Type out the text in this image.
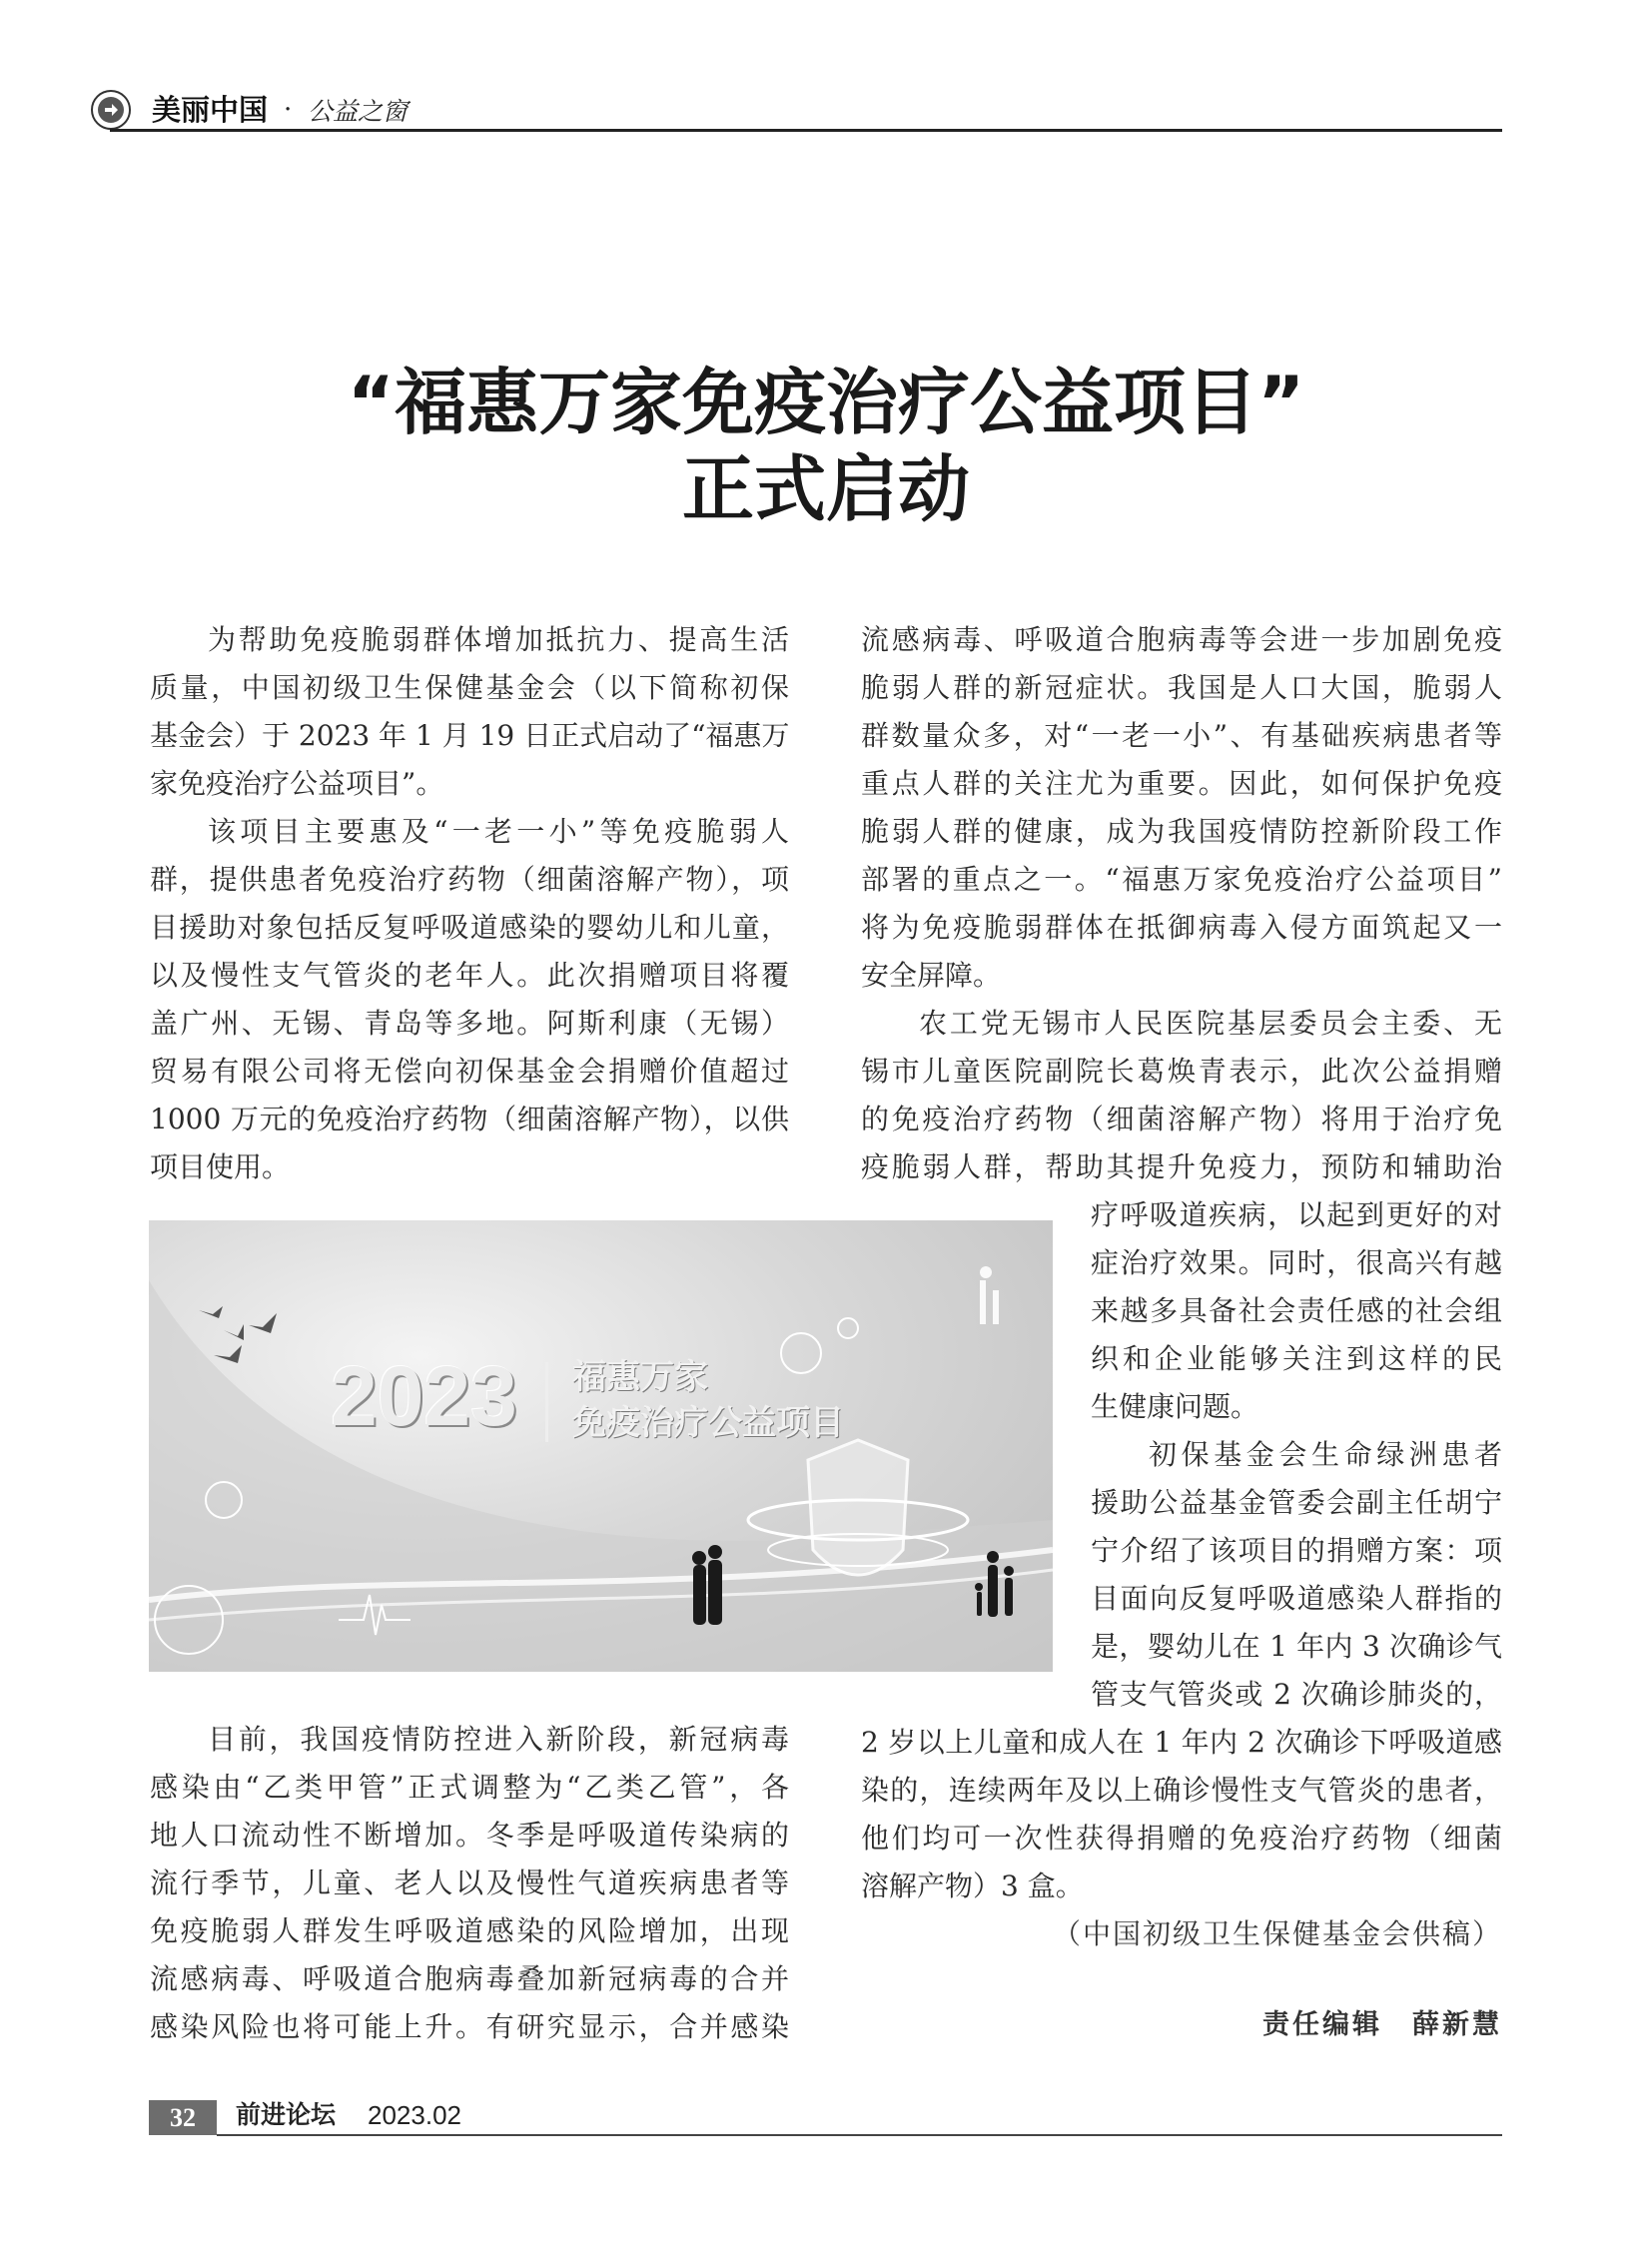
美丽中国 · 公益之窗
“福惠万家免疫治疗公益项目”
正式启动
为帮助免疫脆弱群体增加抵抗力、提高生活
质量，中国初级卫生保健基金会（以下简称初保
基金会）于 2023 年 1 月 19 日正式启动了“福惠万
家免疫治疗公益项目”。
该项目主要惠及“一老一小”等免疫脆弱人
群，提供患者免疫治疗药物（细菌溶解产物），项
目援助对象包括反复呼吸道感染的婴幼儿和儿童，
以及慢性支气管炎的老年人。此次捐赠项目将覆
盖广州、无锡、青岛等多地。阿斯利康（无锡）
贸易有限公司将无偿向初保基金会捐赠价值超过
1000 万元的免疫治疗药物（细菌溶解产物），以供
项目使用。
目前，我国疫情防控进入新阶段，新冠病毒
感染由“乙类甲管”正式调整为“乙类乙管”，各
地人口流动性不断增加。冬季是呼吸道传染病的
流行季节，儿童、老人以及慢性气道疾病患者等
免疫脆弱人群发生呼吸道感染的风险增加，出现
流感病毒、呼吸道合胞病毒叠加新冠病毒的合并
感染风险也将可能上升。有研究显示，合并感染
流感病毒、呼吸道合胞病毒等会进一步加剧免疫
脆弱人群的新冠症状。我国是人口大国，脆弱人
群数量众多，对“一老一小”、有基础疾病患者等
重点人群的关注尤为重要。因此，如何保护免疫
脆弱人群的健康，成为我国疫情防控新阶段工作
部署的重点之一。“福惠万家免疫治疗公益项目”
将为免疫脆弱群体在抵御病毒入侵方面筑起又一
安全屏障。
农工党无锡市人民医院基层委员会主委、无
锡市儿童医院副院长葛焕青表示，此次公益捐赠
的免疫治疗药物（细菌溶解产物）将用于治疗免
疫脆弱人群，帮助其提升免疫力，预防和辅助治
疗呼吸道疾病，以起到更好的对
症治疗效果。同时，很高兴有越
来越多具备社会责任感的社会组
织和企业能够关注到这样的民
生健康问题。
初保基金会生命绿洲患者
援助公益基金管委会副主任胡宁
宁介绍了该项目的捐赠方案：项
目面向反复呼吸道感染人群指的
是，婴幼儿在 1 年内 3 次确诊气
管支气管炎或 2 次确诊肺炎的，
2 岁以上儿童和成人在 1 年内 2 次确诊下呼吸道感
染的，连续两年及以上确诊慢性支气管炎的患者，
他们均可一次性获得捐赠的免疫治疗药物（细菌
溶解产物）3 盒。
（中国初级卫生保健基金会供稿）
责任编辑　薛新慧
2023 福惠万家
免疫治疗公益项目
32	前进论坛 2023.02
